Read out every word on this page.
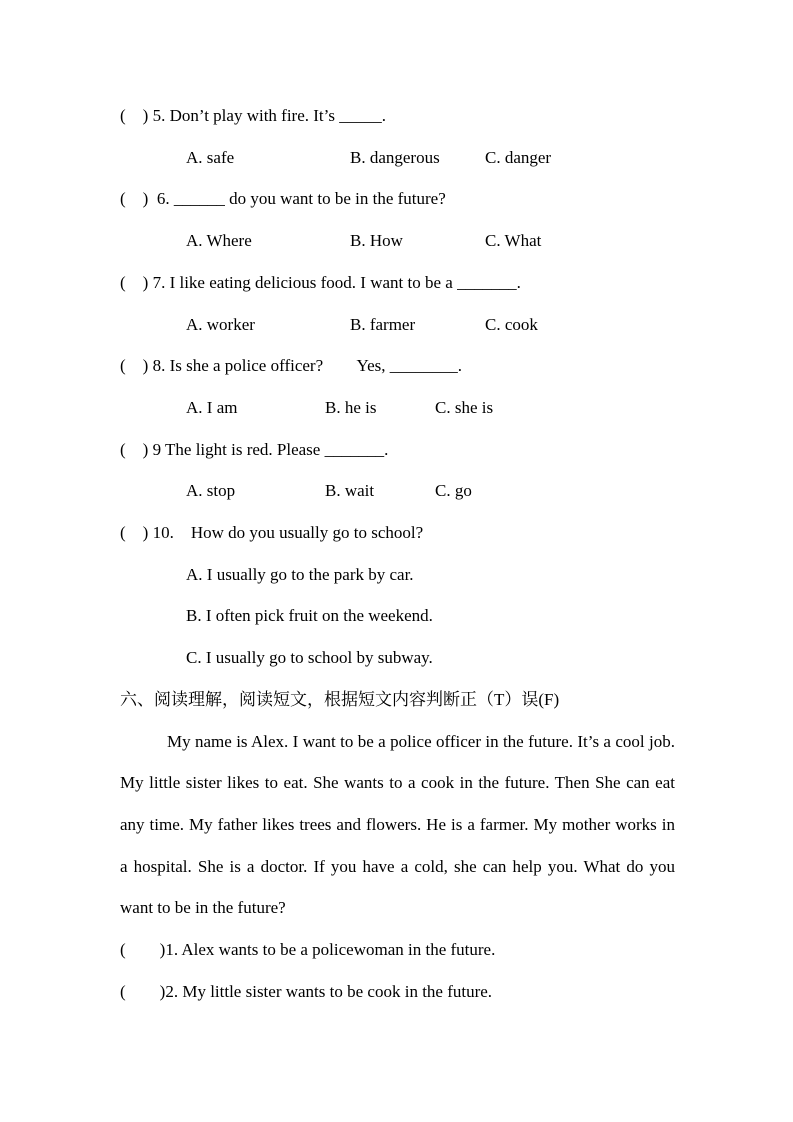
(    ) 5. Don’t play with fire. It’s _____.
A. safe	B. dangerous	C. danger
(    )  6. ______ do you want to be in the future?
A. Where	B. How	C. What
(    ) 7. I like eating delicious food. I want to be a _______.
A. worker	B. farmer	C. cook
(    ) 8. Is she a police officer?        Yes, ________.
A. I am	B. he is	C. she is
(    ) 9 The light is red. Please _______.
A. stop	B. wait	C. go
(    ) 10.    How do you usually go to school?
A. I usually go to the park by car.
B. I often pick fruit on the weekend.
C. I usually go to school by subway.
六、阅读理解，阅读短文，根据短文内容判断正（T）误(F)

My name is Alex. I want to be a police officer in the future. It’s a cool job. My little sister likes to eat. She wants to a cook in the future. Then She can eat any time. My father likes trees and flowers. He is a farmer. My mother works in a hospital. She is a doctor. If you have a cold, she can help you. What do you want to be in the future?

(        )1. Alex wants to be a policewoman in the future.
(        )2. My little sister wants to be cook in the future.
